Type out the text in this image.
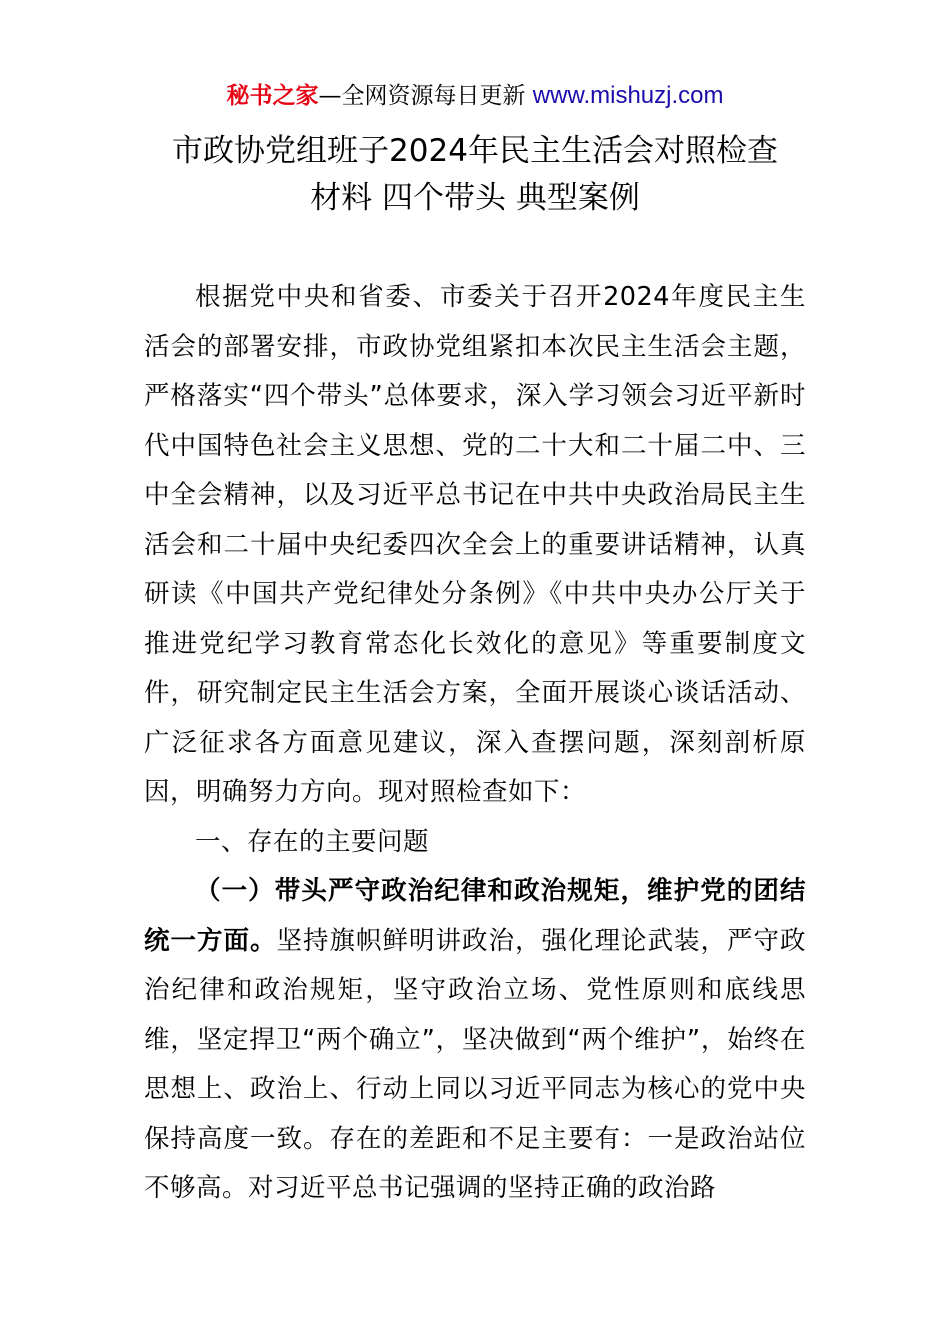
秘书之家—全网资源每日更新 www.mishuzj.com
市政协党组班子2024年民主生活会对照检查
材料 四个带头 典型案例

根据党中央和省委、市委关于召开2024年度民主生活会的部署安排，市政协党组紧扣本次民主生活会主题，严格落实“四个带头”总体要求，深入学习领会习近平新时代中国特色社会主义思想、党的二十大和二十届二中、三中全会精神，以及习近平总书记在中共中央政治局民主生活会和二十届中央纪委四次全会上的重要讲话精神，认真研读《中国共产党纪律处分条例》《中共中央办公厅关于推进党纪学习教育常态化长效化的意见》等重要制度文件，研究制定民主生活会方案，全面开展谈心谈话活动、广泛征求各方面意见建议，深入查摆问题，深刻剖析原因，明确努力方向。现对照检查如下：

一、存在的主要问题

（一）带头严守政治纪律和政治规矩，维护党的团结统一方面。坚持旗帜鲜明讲政治，强化理论武装，严守政治纪律和政治规矩，坚守政治立场、党性原则和底线思维，坚定捍卫“两个确立”，坚决做到“两个维护”，始终在思想上、政治上、行动上同以习近平同志为核心的党中央保持高度一致。存在的差距和不足主要有：一是政治站位不够高。对习近平总书记强调的坚持正确的政治路
